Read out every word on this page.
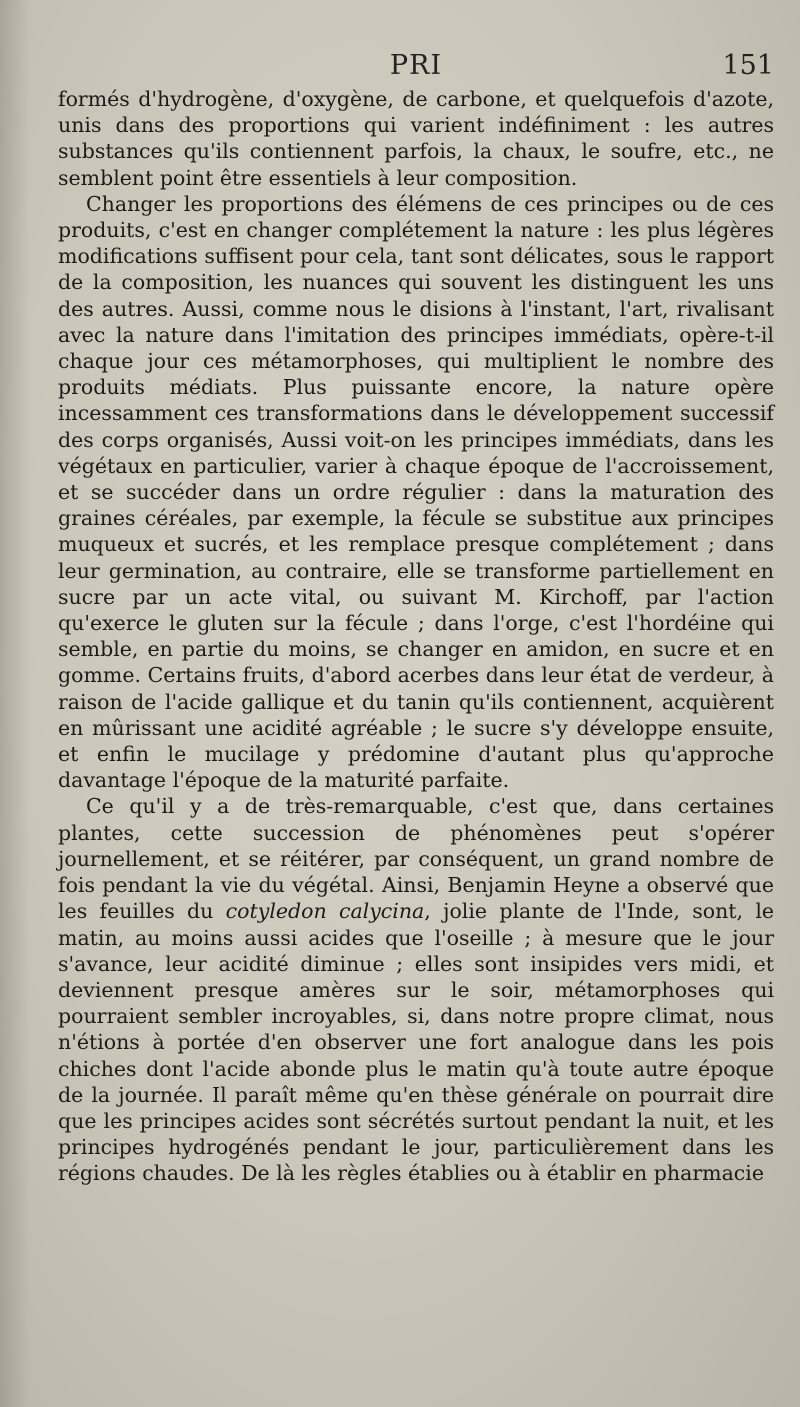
PRI	151

formés d'hydrogène, d'oxygène, de carbone, et quelquefois d'azote, unis dans des proportions qui varient indéfiniment : les autres substances qu'ils contiennent parfois, la chaux, le soufre, etc., ne semblent point être essentiels à leur composition.

Changer les proportions des élémens de ces principes ou de ces produits, c'est en changer complétement la nature : les plus légères modifications suffisent pour cela, tant sont délicates, sous le rapport de la composition, les nuances qui souvent les distinguent les uns des autres. Aussi, comme nous le disions à l'instant, l'art, rivalisant avec la nature dans l'imitation des principes immédiats, opère-t-il chaque jour ces métamorphoses, qui multiplient le nombre des produits médiats. Plus puissante encore, la nature opère incessamment ces transformations dans le développement successif des corps organisés, Aussi voit-on les principes immédiats, dans les végétaux en particulier, varier à chaque époque de l'accroissement, et se succéder dans un ordre régulier : dans la maturation des graines céréales, par exemple, la fécule se substitue aux principes muqueux et sucrés, et les remplace presque complétement ; dans leur germination, au contraire, elle se transforme partiellement en sucre par un acte vital, ou suivant M. Kirchoff, par l'action qu'exerce le gluten sur la fécule ; dans l'orge, c'est l'hordéine qui semble, en partie du moins, se changer en amidon, en sucre et en gomme. Certains fruits, d'abord acerbes dans leur état de verdeur, à raison de l'acide gallique et du tanin qu'ils contiennent, acquièrent en mûrissant une acidité agréable ; le sucre s'y développe ensuite, et enfin le mucilage y prédomine d'autant plus qu'approche davantage l'époque de la maturité parfaite.

Ce qu'il y a de très-remarquable, c'est que, dans certaines plantes, cette succession de phénomènes peut s'opérer journellement, et se réitérer, par conséquent, un grand nombre de fois pendant la vie du végétal. Ainsi, Benjamin Heyne a observé que les feuilles du cotyledon calycina, jolie plante de l'Inde, sont, le matin, au moins aussi acides que l'oseille ; à mesure que le jour s'avance, leur acidité diminue ; elles sont insipides vers midi, et deviennent presque amères sur le soir, métamorphoses qui pourraient sembler incroyables, si, dans notre propre climat, nous n'étions à portée d'en observer une fort analogue dans les pois chiches dont l'acide abonde plus le matin qu'à toute autre époque de la journée. Il paraît même qu'en thèse générale on pourrait dire que les principes acides sont sécrétés surtout pendant la nuit, et les principes hydrogénés pendant le jour, particulièrement dans les régions chaudes. De là les règles établies ou à établir en pharmacie
